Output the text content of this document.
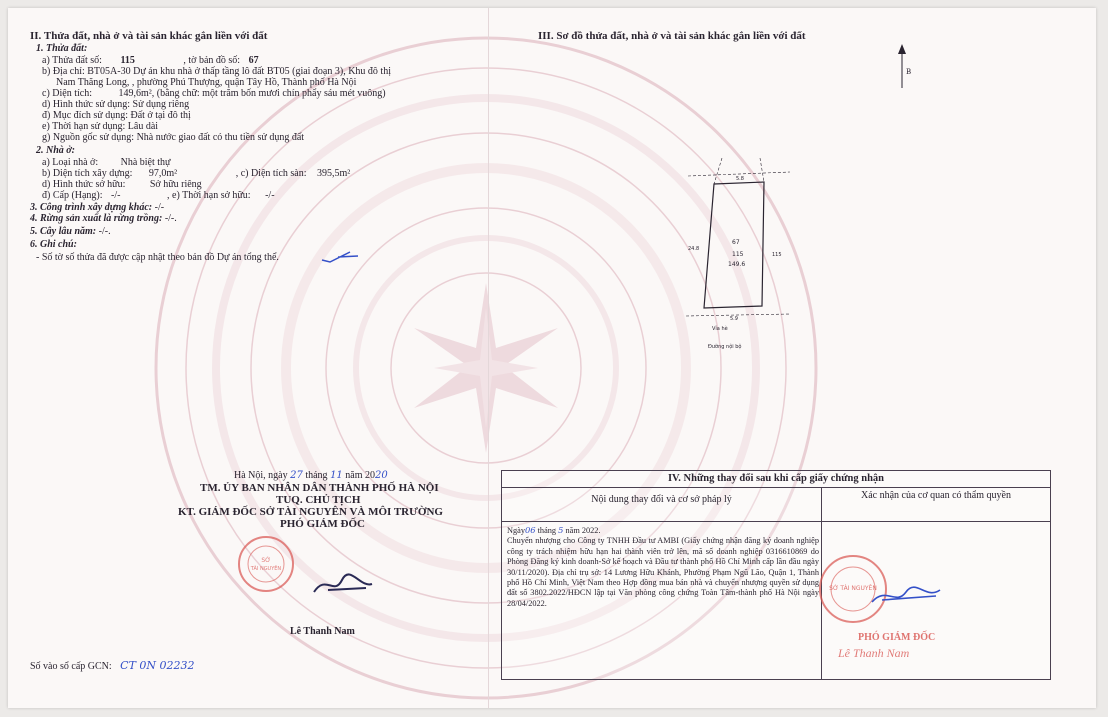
II. Thửa đất, nhà ở và tài sản khác gắn liền với đất
1. Thửa đất:
a) Thửa đất số: 115	, tờ bản đồ số: 67
b) Địa chỉ: BT05A-30 Dự án khu nhà ở thấp tầng lô đất BT05 (giai đoạn 3), Khu đô thị
Nam Thăng Long, , phường Phú Thượng, quận Tây Hồ, Thành phố Hà Nội
c) Diện tích:	149,6m², (bằng chữ: một trăm bốn mươi chín phẩy sáu mét vuông)
d) Hình thức sử dụng: Sử dụng riêng
đ) Mục đích sử dụng: Đất ở tại đô thị
e) Thời hạn sử dụng: Lâu dài
g) Nguồn gốc sử dụng: Nhà nước giao đất có thu tiền sử dụng đất
2. Nhà ở:
a) Loại nhà ở: Nhà biệt thự
b) Diện tích xây dựng: 97,0m²	, c) Diện tích sàn: 395,5m²
d) Hình thức sở hữu: Sở hữu riêng
đ) Cấp (Hạng): -/-	, e) Thời hạn sở hữu: -/-
3. Công trình xây dựng khác: -/-
4. Rừng sản xuất là rừng trồng: -/-.
5. Cây lâu năm: -/-.
6. Ghi chú:
- Số tờ số thửa đã được cập nhật theo bản đồ Dự án tổng thể.
Hà Nội, ngày 27 tháng 11 năm 2020
TM. ỦY BAN NHÂN DÂN THÀNH PHỐ HÀ NỘI
TUQ. CHỦ TỊCH
KT. GIÁM ĐỐC SỞ TÀI NGUYÊN VÀ MÔI TRƯỜNG
PHÓ GIÁM ĐỐC
SỞ
TÀI NGUYÊN
Lê Thanh Nam
Số vào sổ cấp GCN: CT 0N 02232
III. Sơ đồ thửa đất, nhà ở và tài sản khác gắn liền với đất
B
67
115
149.6
5.8
24.8
115
5.9
Vỉa hè
Đường nội bộ
IV. Những thay đổi sau khi cấp giấy chứng nhận
Nội dung thay đổi và cơ sở pháp lý	Xác nhận của cơ quan có thẩm quyền
Ngày06 tháng 5 năm 2022.
Chuyển nhượng cho Công ty TNHH Đầu tư AMBI (Giấy chứng nhận đăng ký doanh nghiệp công ty trách nhiệm hữu hạn hai thành viên trở lên, mã số doanh nghiệp 0316610869 do Phòng Đăng ký kinh doanh-Sở kế hoạch và Đầu tư thành phố Hồ Chí Minh cấp lần đầu ngày 30/11/2020). Địa chỉ trụ sở: 14 Lương Hữu Khánh, Phường Phạm Ngũ Lão, Quận 1, Thành phố Hồ Chí Minh, Việt Nam theo Hợp đồng mua bán nhà và chuyển nhượng quyền sử dụng đất số 3802.2022/HĐCN lập tại Văn phòng công chứng Toàn Tâm-thành phố Hà Nội ngày 28/04/2022.
SỞ TÀI NGUYÊN
PHÓ GIÁM ĐỐC
Lê Thanh Nam
